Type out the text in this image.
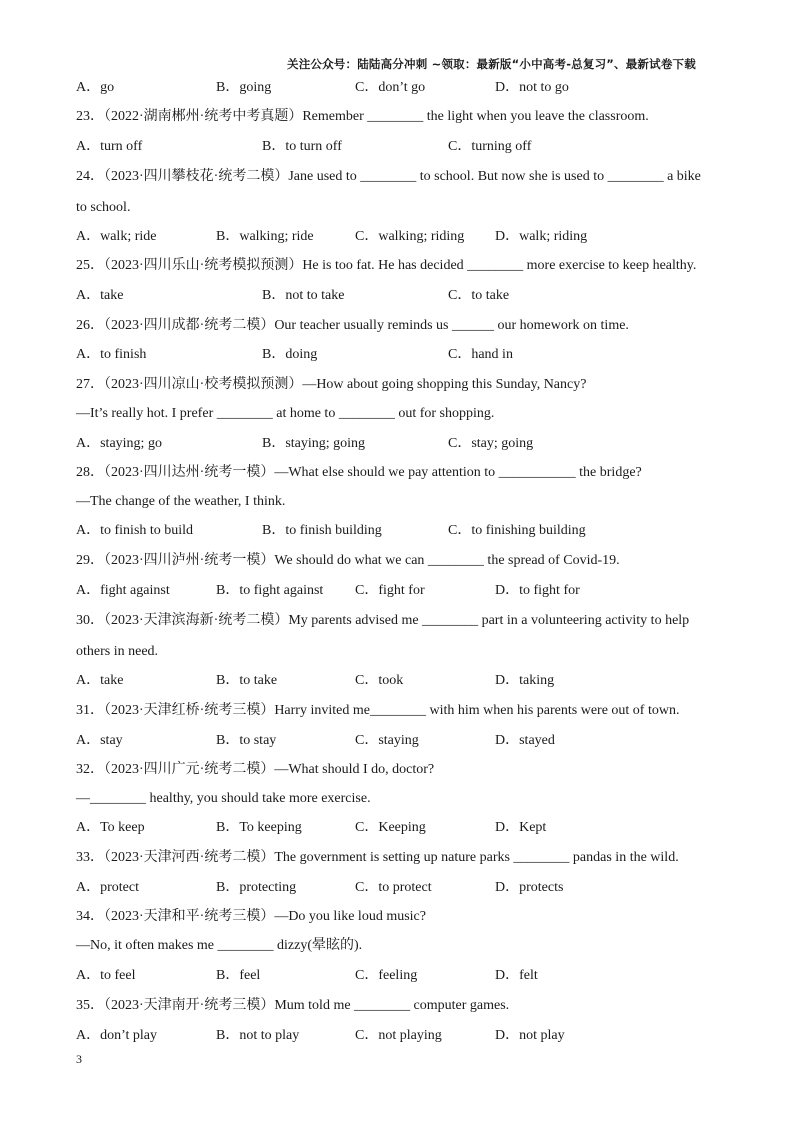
关注公众号：陆陆高分冲刺 ~领取：最新版“小中高考-总复习”、最新试卷下载
A．go	B．going	C．don’t go	D．not to go
23．（2022·湖南郴州·统考中考真题）Remember ________ the light when you leave the classroom.
A．turn off	B．to turn off	C．turning off
24．（2023·四川攀枝花·统考二模）Jane used to ________ to school. But now she is used to ________ a bike
to school.
A．walk; ride	B．walking; ride	C．walking; riding D．walk; riding
25．（2023·四川乐山·统考模拟预测）He is too fat. He has decided ________ more exercise to keep healthy.
A．take	B．not to take	C．to take
26．（2023·四川成都·统考二模）Our teacher usually reminds us ______ our homework on time.
A．to finish	B．doing	C．hand in
27．（2023·四川凉山·校考模拟预测）—How about going shopping this Sunday, Nancy?
—It’s really hot. I prefer ________ at home to ________ out for shopping.
A．staying; go	B．staying; going	C．stay; going
28．（2023·四川达州·统考一模）—What else should we pay attention to ___________ the bridge?
—The change of the weather, I think.
A．to finish to build	B．to finish building	C．to finishing building
29．（2023·四川泸州·统考一模）We should do what we can ________ the spread of Covid-19.
A．fight against	B．to fight against C．fight for	D．to fight for
30．（2023·天津滨海新·统考二模）My parents advised me ________ part in a volunteering activity to help
others in need.
A．take	B．to take	C．took	D．taking
31．（2023·天津红桥·统考三模）Harry invited me________ with him when his parents were out of town.
A．stay	B．to stay	C．staying	D．stayed
32．（2023·四川广元·统考二模）—What should I do, doctor?
—________ healthy, you should take more exercise.
A．To keep	B．To keeping	C．Keeping	D．Kept
33．（2023·天津河西·统考二模）The government is setting up nature parks ________ pandas in the wild.
A．protect	B．protecting	C．to protect	D．protects
34．（2023·天津和平·统考三模）—Do you like loud music?
—No, it often makes me ________ dizzy(晕眩的).
A．to feel	B．feel	C．feeling	D．felt
35．（2023·天津南开·统考三模）Mum told me ________ computer games.
A．don’t play	B．not to play	C．not playing	D．not play
3
